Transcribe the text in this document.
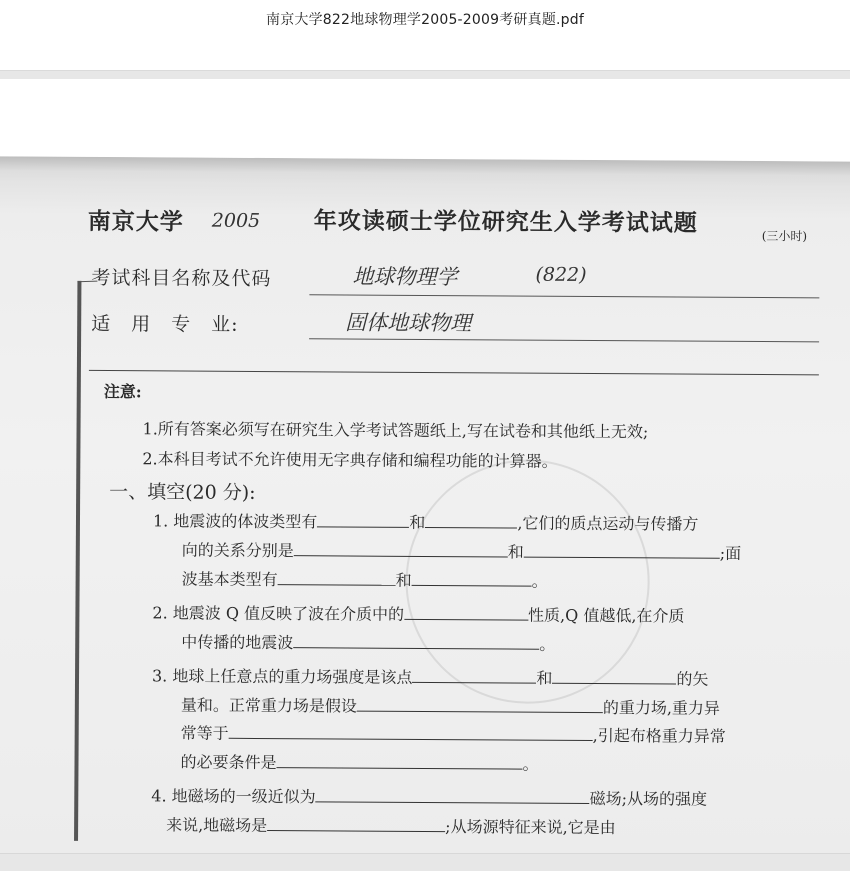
南京大学822地球物理学2005-2009考研真题.pdf
南京大学 2005 年攻读硕士学位研究生入学考试试题	(三小时)
考试科目名称及代码	地球物理学	(822)
适　用　专　业:	固体地球物理
注意:
1.所有答案必须写在研究生入学考试答题纸上,写在试卷和其他纸上无效;
2.本科目考试不允许使用无字典存储和编程功能的计算器。
一、填空(20 分):
1. 地震波的体波类型有	和	,它们的质点运动与传播方
向的关系分别是	和	;面
波基本类型有	和	。
2. 地震波 Q 值反映了波在介质中的	性质,Q 值越低,在介质
中传播的地震波	。
3. 地球上任意点的重力场强度是该点	和	的矢
量和。正常重力场是假设	的重力场,重力异
常等于	,引起布格重力异常
的必要条件是	。
4. 地磁场的一级近似为	磁场;从场的强度
来说,地磁场是	;从场源特征来说,它是由
